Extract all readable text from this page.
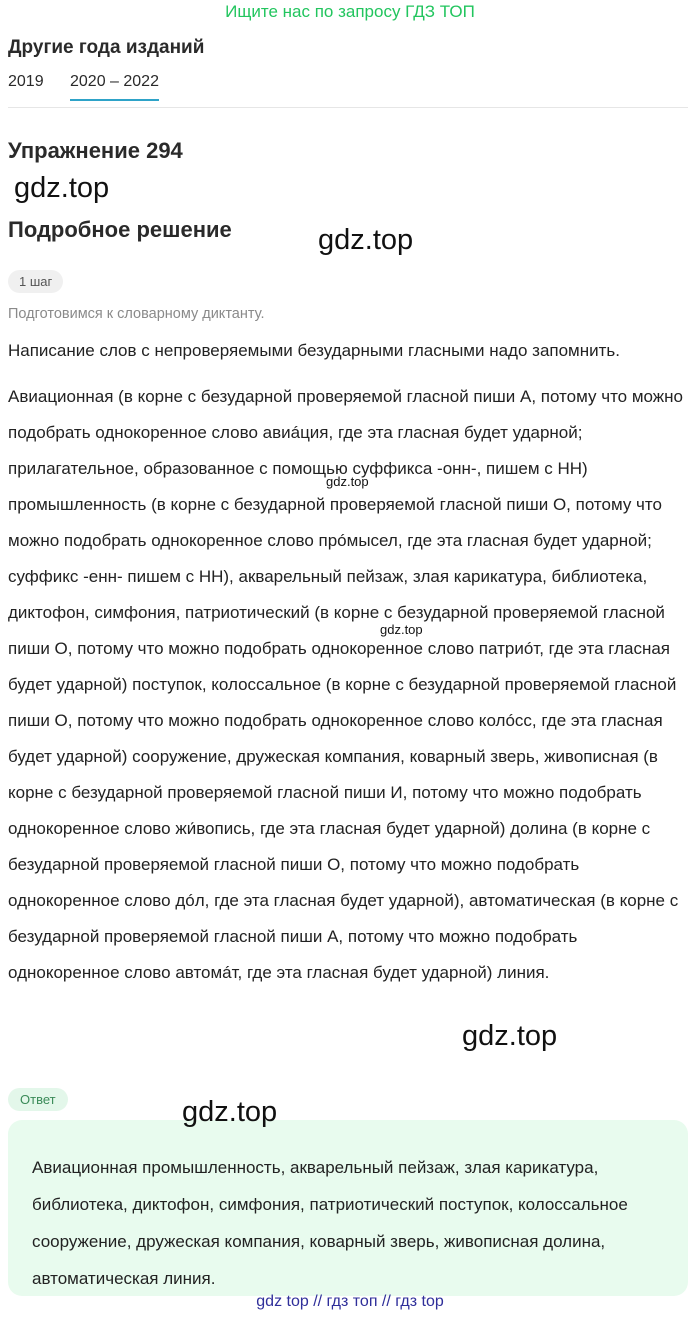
Ищите нас по запросу ГДЗ ТОП
Другие года изданий
2019 2020 – 2022
Упражнение 294
gdz.top
Подробное решение	gdz.top
1 шаг
Подготовимся к словарному диктанту.
Написание слов с непроверяемыми безударными гласными надо запомнить.

Авиационная (в корне с безударной проверяемой гласной пиши А, потому что можно подобрать однокоренное слово авиáция, где эта гласная будет ударной; прилагательное, образованное с помощью суффикса -онн-, пишем с НН) промышленность (в корне с безударной проверяемой гласной пиши О, потому что можно подобрать однокоренное слово прóмысел, где эта гласная будет ударной; суффикс -енн- пишем с НН), акварельный пейзаж, злая карикатура, библиотека, диктофон, симфония, патриотический (в корне с безударной проверяемой гласной пиши О, потому что можно подобрать однокоренное слово патриóт, где эта гласная будет ударной) поступок, колоссальное (в корне с безударной проверяемой гласной пиши О, потому что можно подобрать однокоренное слово колóсс, где эта гласная будет ударной) сооружение, дружеская компания, коварный зверь, живописная (в корне с безударной проверяемой гласной пиши И, потому что можно подобрать однокоренное слово жи́вопись, где эта гласная будет ударной) долина (в корне с безударной проверяемой гласной пиши О, потому что можно подобрать однокоренное слово дóл, где эта гласная будет ударной), автоматическая (в корне с безударной проверяемой гласной пиши А, потому что можно подобрать однокоренное слово автомáт, где эта гласная будет ударной) линия.

gdz.top
gdz.top
gdz.top
Ответ

Авиационная промышленность, акварельный пейзаж, злая карикатура, библиотека, диктофон, симфония, патриотический поступок, колоссальное сооружение, дружеская компания, коварный зверь, живописная долина, автоматическая линия.

gdz.top
gdz top // гдз топ // гдз top
